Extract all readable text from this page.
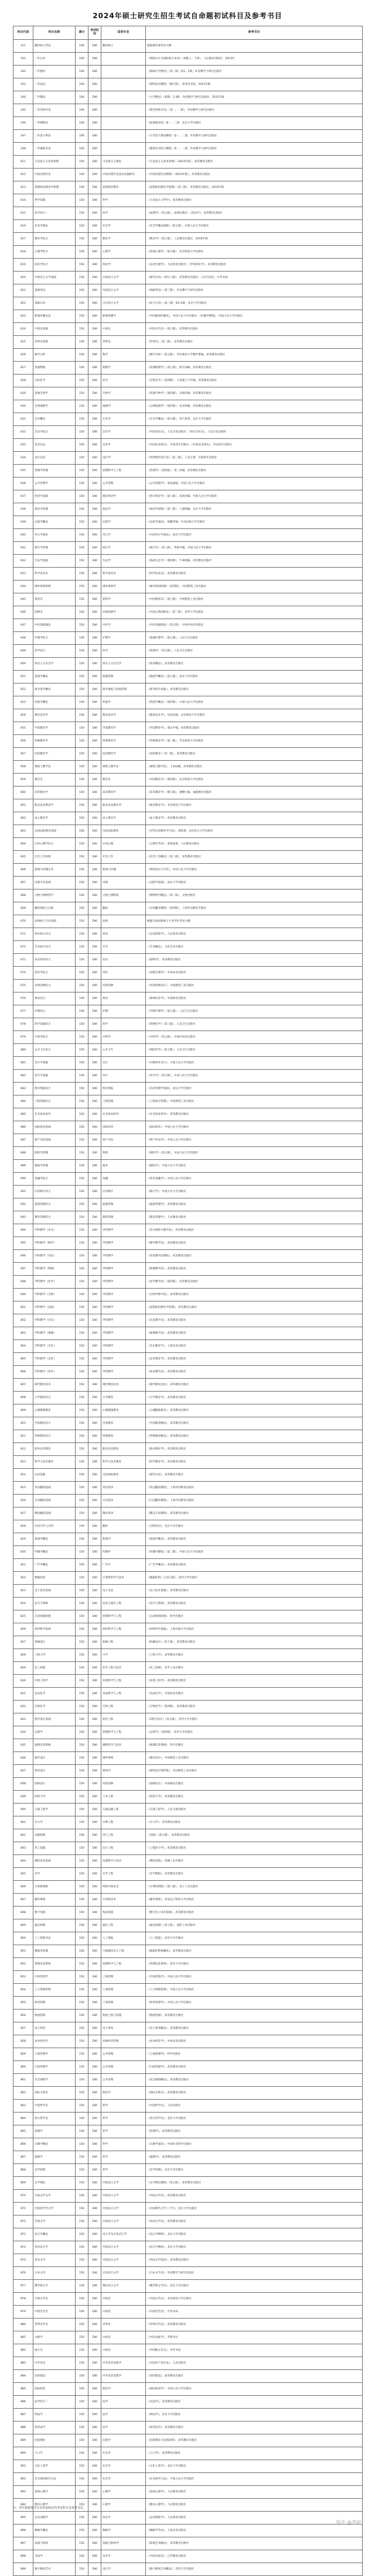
2024年硕士研究生招生考试自命题初试科目及参考书目
科目代码	科目名称	满分	考试时间	适用专业	参考书目
211	翻译硕士英语	100	180	翻译硕士	根据教育部考试大纲
241	二外日语	100	180		《新版中日交流标准日本语》（初级上、下册），人民教育出版社，2013年
242	二外德语	100	180		《新编大学德语》（第三版）第1、2册，外语教学与研究出版社
243	二外法语	100	180		《简明法语教程》（修订版），商务印书馆，2012年版
244	二外俄语	100	180		《大学俄语》（新版）1-3册，外语教学与研究出版社，2012年版
245	二外西班牙语	100	180		《现代西班牙语》（第一、二册），外语教学与研究出版社
246	二外朝鲜语	100	180		《标准韩国语》第一、二册，北京大学出版社
247	二外意大利语	100	180		《大学意大利语教程》第一、二册，外语教学与研究出版社
248	二外葡萄牙语	100	180		《葡萄牙语综合教程》第一、二册，外语教学与研究出版社
611	马克思主义基本原理	150	180	马克思主义理论	《马克思主义基本原理》（2023年版），高等教育出版社
612	中国近现代史	150	180	中国近现代史基本问题研究	《中国近现代史纲要》（2023年版），高等教育出版社
613	思想政治教育学原理	150	180	思想政治教育	《思想政治教育学原理》（第三版），高等教育出版社，2016年版
614	哲学基础	150	180	哲学	《马克思主义哲学》，高等教育出版社
615	法学综合一	150	180	法学	《法理学》（第五版），法律出版社；《宪法学》，高等教育出版社
616	社会学理论	150	180	社会学	《社会学概论新修》（第五版），中国人民大学出版社
617	教育学综合	150	180	教育学	《教育学》（第七版），人民教育出版社，2019年版
618	心理学综合	150	180	心理学	《普通心理学》（第五版），北京师范大学出版社
619	体育学综合	150	180	体育学	《运动生理学》，人民体育出版社；《学校体育学》，高等教育出版社
620	中国语言文学基础	150	180	中国语言文学	《现代汉语》（增订六版），高等教育出版社；《古代汉语》，中华书局
621	基础英语	150	180	外国语言文学	《高级英语》（第三版），外语教学与研究出版社
622	基础日语	150	180	日语语言文学	《综合日语》（第三版）第1-4册，北京大学出版社
623	新闻传播史论	150	180	新闻传播学	《中国新闻传播史》，中国人民大学出版社；《传播学教程》，中国人民大学出版社
624	中国史基础	150	180	中国史	《中国古代史》（第七版），高等教育出版社
625	世界史基础	150	180	世界史	《世界史》（第二版），高等教育出版社
626	数学分析	150	180	数学	《数学分析》（第五版），华东师范大学数学系编，高等教育出版社
627	普通物理	150	180	物理学	《普通物理学》（第七版），程守洙编，高等教育出版社
628	无机化学	150	180	化学	《无机化学》（第四版），大连理工大学编，高等教育出版社
629	普通生物学	150	180	生物学	《普通生物学》（第四版），吴相钰编，高等教育出版社
630	自然地理学	150	180	地理学	《自然地理学》（第四版），伍光和编，高等教育出版社
631	艺术概论	150	180	艺术学	《艺术学概论》（第五版），彭吉象著，北京大学出版社
632	音乐学综合	150	180	音乐学	《中国音乐史》，人民音乐出版社；《西方音乐史》，人民音乐出版社
633	美术史论	150	180	美术学	《中国美术简史》，中国青年出版社；《外国美术简史》，中国青年出版社
634	设计史论	150	180	设计学	《世界现代设计史》（第二版），王受之著，中国青年出版社
635	管理学原理	150	180	管理科学与工程	《管理学》（第四版），周三多编，高等教育出版社
636	公共管理学	150	180	公共管理	《公共管理学》，张成福编，中国人民大学出版社
637	经济学基础	150	180	理论经济学	《西方经济学》（第八版），高鸿业编，中国人民大学出版社
638	政治学原理	150	180	政治学	《政治学原理》（第三版），王浦劬编，北京大学出版社
639	民族学概论	150	180	民族学	《民族学通论》，林耀华编，中央民族大学出版社
640	考古学通论	150	180	考古学	《中国考古学通论》，南京大学出版社
641	统计学原理	150	180	统计学	《统计学》（第八版），贾俊平编，中国人民大学出版社
642	生态学基础	150	180	生态学	《基础生态学》（第四版），牛翠娟编，高等教育出版社
643	科学技术史	150	180	科学技术史	《科学技术史》，高等教育出版社
644	城乡规划原理	150	180	城乡规划学	《城市规划原理》（第四版），中国建筑工业出版社
645	建筑史	150	180	建筑学	《中国建筑史》（第七版），中国建筑工业出版社
646	园林史	150	180	风景园林学	《中国古典园林史》（第三版），清华大学出版社
647	中医基础理论	150	180	中医学	《中医基础理论》（第五版），中国中医药出版社
648	护理学综合	150	180	护理学	《基础护理学》（第七版），人民卫生出版社
649	药学综合	150	180	药学	《药理学》（第九版），人民卫生出版社
650	体育人文社会学	150	180	体育人文社会学	《体育概论》，高等教育出版社
651	旅游学概论	150	180	旅游管理	《旅游学概论》（第七版），南开大学出版社
652	图书馆学概论	150	180	图书情报与档案管理	《图书馆学基础》，高等教育出版社
653	档案学概论	150	180	档案学	《档案学概论》（第四版），中国人民大学出版社
654	教育技术学	150	180	教育技术学	《教育技术学》，何克抗编，北京师范大学出版社
655	学前教育学	150	180	学前教育学	《学前教育学》，虞永平编，高等教育出版社
656	特殊教育学	150	180	特殊教育学	《特殊教育学》（第三版），华东师范大学出版社
657	比较教育学	150	180	比较教育学	《比较教育》（第二版），高等教育出版社
658	课程与教学论	150	180	课程与教学论	《课程与教学论》，王本陆编，高等教育出版社
659	教育史	150	180	教育史	《中国教育史》（第四版），北京师范大学出版社
660	高等教育学	150	180	高等教育学	《高等教育学》（修订版），潘懋元编，福建教育出版社
661	职业技术教育学	150	180	职业技术教育学	《职业教育学》，北京师范大学出版社
662	成人教育学	150	180	成人教育学	《成人教育学》，高等教育出版社
663	汉语国际教育基础	150	180	汉语国际教育	《对外汉语教育学引论》，刘珣著，北京语言大学出版社
664	应用心理学综合	150	180	应用心理	《心理学导论》，黄希庭著，人民教育出版社
665	社会工作原理	150	180	社会工作	《社会工作概论》（第三版），高等教育出版社
666	新闻与传播实务	150	180	新闻与传播	《新闻采访与写作》，中国人民大学出版社
667	出版专业基础	150	180	出版	《出版学基础》，南京大学出版社
668	文物与博物馆学	150	180	文物与博物馆	《博物馆学概论》（第二版），文物出版社
669	翻译理论与实践	150	180	翻译	《实用翻译教程》（第四版），上海外语教育出版社
670	法律硕士专业基础	150	180	法律	根据全国法律硕士专业学位考试大纲
671	体育硕士综合	150	180	体育	《运动训练学》，人民体育出版社
672	艺术硕士综合	150	180	艺术	《艺术概论》，文化艺术出版社
673	农业知识综合	150	180	农业	《植物学》，高等教育出版社
674	兽医学综合	150	180	兽医	《动物生理学》，中国农业出版社
675	风景园林综合	150	180	风景园林	《风景园林设计》，中国建筑工业出版社
676	林业综合	150	180	林业	《森林培育学》，中国林业出版社
677	护理综合	150	180	护理	《内科护理学》（第七版），人民卫生出版社
678	药学基础综合	150	180	药学	《药物化学》（第八版），人民卫生出版社
679	中药学综合	150	180	中药学	《中药学》（第五版），中国中医药出版社
680	公共卫生综合	150	180	公共卫生	《预防医学》（第七版），人民卫生出版社
681	会计学基础	150	180	会计	《中级财务会计》，中国人民大学出版社
682	审计学基础	150	180	审计	《审计学》（第九版），中国人民大学出版社
683	图书情报综合	150	180	图书情报	《信息管理学基础》，武汉大学出版社
684	工程管理综合	150	180	工程管理	《工程项目管理》，中国建筑工业出版社
685	社会体育指导	150	180	社会体育指导	《社会体育指导》，高等教育出版社
686	国际商务基础	150	180	国际商务	《国际商务》，中国人民大学出版社
687	资产评估基础	150	180	资产评估	《资产评估学》，中国人民大学出版社
688	保险学原理	150	180	保险	《保险学》（第五版），中国人民大学出版社
689	税收学原理	150	180	税务	《税收学》，中国人民大学出版社
690	金融学综合	150	180	金融	《货币金融学》，中国人民大学出版社
691	应用统计综合	150	180	应用统计	《统计学》，中国人民大学出版社
692	旅游管理综合	150	180	旅游管理	《旅游管理学》，高等教育出版社
693	教育管理综合	150	180	教育管理	《教育管理学》，人民教育出版社
694	学科教学（语文）	150	180	学科教学	《语文课程与教学论》，高等教育出版社
695	学科教学（数学）	150	180	学科教学	《数学教学论》，高等教育出版社
696	学科教学（英语）	150	180	学科教学	《英语教学法教程》，高等教育出版社
697	学科教学（物理）	150	180	学科教学	《物理教学论》，高等教育出版社
698	学科教学（化学）	150	180	学科教学	《化学教学论》（第四版），高等教育出版社
699	学科教学（生物）	150	180	学科教学	《生物学教学论》，高等教育出版社
801	学科教学（思政）	150	180	学科教学	《思想政治教育学原理》，高等教育出版社
802	学科教学（历史）	150	180	学科教学	《历史教学论》，高等教育出版社
803	学科教学（地理）	150	180	学科教学	《地理教学论》，高等教育出版社
804	学科教学（音乐）	150	180	学科教学	《音乐教育学》，上海音乐出版社
805	学科教学（美术）	150	180	学科教学	《美术教育学》，高等教育出版社
806	学科教学（体育）	150	180	学科教学	《体育教学论》，高等教育出版社
807	现代教育技术	150	180	现代教育技术	《现代教育技术》，高等教育出版社
808	小学教育综合	150	180	小学教育	《小学教育学》，高等教育出版社
809	心理健康教育	150	180	心理健康教育	《心理健康教育》，高等教育出版社
810	学前教育综合	150	180	学前教育	《学前教育概论》，高等教育出版社
811	特殊教育综合	150	180	特殊教育	《特殊教育概论》，高等教育出版社
812	职业技术教育	150	180	职业技术教育	《职业教育学》，高等教育出版社
813	科学与技术教育	150	180	科学与技术教育	《科学教育学》，高等教育出版社
814	汉语基础	150	180	汉语国际教育	《现代汉语》，高等教育出版社
815	英语翻译基础	150	180	英语笔译	《英汉翻译教程》，上海外语教育出版社
816	日语翻译基础	150	180	日语笔译	《日汉翻译教程》，上海外语教育出版社
817	俄语翻译基础	150	180	俄语笔译	《俄汉互译教程》，高等教育出版社
818	汉语写作与百科	150	180	翻译	《百科知识》，北京大学出版社
819	新闻学概论	150	180	新闻学	《新闻学概论》，高等教育出版社
820	传播学概论	150	180	传播学	《传播学教程》（第二版），中国人民大学出版社
821	广告学概论	150	180	广告学	《广告学概论》，高等教育出版社
822	数据结构	150	180	计算机科学与技术	《数据结构》（C语言版），清华大学出版社
823	电子技术基础	150	180	电子信息	《电子技术基础》，高等教育出版社
824	信号与系统	150	180	信息与通信工程	《信号与系统》，高等教育出版社
825	自动控制原理	150	180	控制科学与工程	《自动控制原理》，科学出版社
826	材料科学基础	150	180	材料科学与工程	《材料科学基础》，上海交通大学出版社
827	机械设计	150	180	机械工程	《机械设计》（第十版），高等教育出版社
828	工程力学	150	180	力学	《工程力学》，高等教育出版社
829	化工原理	150	180	化学工程与技术	《化工原理》，化学工业出版社
830	环境工程学	150	180	环境科学与工程	《环境工程学》，高等教育出版社
831	食品化学	150	180	食品科学与工程	《食品化学》，中国农业出版社
832	生物化学	150	180	生物工程	《生物化学》（第四版），高等教育出版社
833	程序设计基础	150	180	软件工程	《C程序设计》（第五版），清华大学出版社
834	运筹学	150	180	管理科学与工程	《运筹学》（第四版），清华大学出版社
835	地理信息系统	150	180	测绘科学与技术	《地理信息系统》，科学出版社
836	城市设计	150	180	城乡规划	《城市设计》，中国建筑工业出版社
837	建筑设计	150	180	建筑学	《建筑设计资料集》，中国建筑工业出版社
838	园林设计	150	180	风景园林	《园林设计》，中国林业出版社
839	结构力学	150	180	土木工程	《结构力学》，高等教育出版社
840	交通工程学	150	180	交通运输工程	《交通工程学》，人民交通出版社
841	水力学	150	180	水利工程	《水力学》，高等教育出版社
842	电路原理	150	180	电气工程	《电路》（第五版），高等教育出版社
843	热工基础	150	180	动力工程	《工程热力学》，高等教育出版社
844	测控技术基础	150	180	仪器科学与技术	《测控电路》，机械工业出版社
845	光学	150	180	光学工程	《光学教程》，高等教育出版社
846	计算机网络	150	180	网络空间安全	《计算机网络》（第八版），电子工业出版社
847	操作系统	150	180	计算机技术	《操作系统》，西安电子科技大学出版社
848	数字电路	150	180	集成电路	《数字电子技术基础》，高等教育出版社
849	通信原理	150	180	通信工程	《通信原理》（第七版），国防工业出版社
850	人工智能导论	150	180	人工智能	《人工智能》，清华大学出版社
851	数据库原理	150	180	大数据技术与工程	《数据库系统概论》，高等教育出版社
852	管理信息系统	150	180	管理科学与工程	《管理信息系统》，清华大学出版社
853	市场营销学	150	180	工商管理	《市场营销学》，中国人民大学出版社
854	人力资源管理	150	180	工商管理	《人力资源管理》，中国人民大学出版社
855	财务管理	150	180	工商管理	《财务管理学》，中国人民大学出版社
856	物流管理	150	180	物流工程与管理	《物流管理》，高等教育出版社
857	电子商务	150	180	电子商务	《电子商务概论》，高等教育出版社
858	农业经济学	150	180	农林经济管理	《农业经济学》，中国农业出版社
859	土地管理学	150	180	公共管理	《土地管理学》，科学出版社
860	行政管理学	150	180	公共管理	《行政管理学》，高等教育出版社
861	社会保障学	150	180	公共管理	《社会保障概论》，高等教育出版社
862	国际关系史	150	180	政治学	《国际关系史》，高等教育出版社
863	中国哲学史	150	180	哲学	《中国哲学史》，人民出版社
864	西方哲学史	150	180	哲学	《西方哲学史》，北京大学出版社
865	伦理学	150	180	哲学	《伦理学》，高等教育出版社
866	宗教学概论	150	180	哲学	《宗教学通论》，中国社会科学出版社
867	逻辑学	150	180	哲学	《逻辑学》，高等教育出版社
868	美学原理	150	180	哲学	《美学原理》，北京大学出版社
869	文学理论	150	180	中国语言文学	《文学理论教程》（第五版），高等教育出版社
870	中国古代文学	150	180	中国语言文学	《中国文学史》，高等教育出版社
871	中国现当代文学	150	180	中国语言文学	《中国现代文学三十年》，北京大学出版社
872	外国文学	150	180	中国语言文学	《外国文学史》，高等教育出版社
873	语言学概论	150	180	语言学及应用语言学	《语言学纲要》，北京大学出版社
874	英语语言学	150	180	外国语言文学	《语言学教程》，北京大学出版社
875	英美文学	150	180	外国语言文学	《英国文学选读》，高等教育出版社
876	日本文学	150	180	日语语言文学	《日本文学史》，外语教学与研究出版社
877	俄罗斯文学	150	180	俄语语言文学	《俄罗斯文学史》，北京大学出版社
878	中国古代史	150	180	中国史	《中国古代史》，北京师范大学出版社
879	中国近代史	150	180	中国史	《中国近代史》，中华书局
880	世界近代史	150	180	世界史	《世界近代史》，高等教育出版社
881	文献学	150	180	中国史	《中国文献学》，齐鲁书社
882	地方史	150	180	中国史	《中国地方史志》，中华书局
883	中共党史	150	180	中共党史党建学	《中国共产党历史》，人民出版社
884	党的建设	150	180	中共党史党建学	《党的建设》，高等教育出版社
885	国际政治	150	180	政治学	《国际政治学》，中国人民大学出版社
886	法学综合二	150	180	法学	《民法学》，高等教育出版社
887	刑法学	150	180	法学	《刑法学》，北京大学出版社
888	经济法学	150	180	法学	《经济法学》，高等教育出版社
889	民族理论	150	180	民族学	《民族理论与民族政策》，高等教育出版社
890	人口学	150	180	社会学	《人口学》，高等教育出版社
891	文化人类学	150	180	社会学	《文化人类学》，北京大学出版社
892	社会调查研究方法	150	180	社会学	《社会研究方法》，中国人民大学出版社
893	发展心理学	150	180	心理学	《发展心理学》，人民教育出版社
894	教育心理学	150	180	心理学	《教育心理学》，人民教育出版社
895	运动训练学	150	180	体育学	《运动训练学》，人民体育出版社
896	舞蹈学概论	150	180	舞蹈学	《舞蹈学导论》，上海音乐出版社
897	戏剧与影视	150	180	戏剧与影视学	《影视艺术概论》，高等教育出版社
898	书法学	150	180	美术学	《中国书法史》，江苏教育出版社
899	数字媒体艺术	150	180	设计学	《数字媒体艺术概论》，清华大学出版社
注：考生根据报考专业查询相应的考试科目及参考书目。
知乎 @考研
